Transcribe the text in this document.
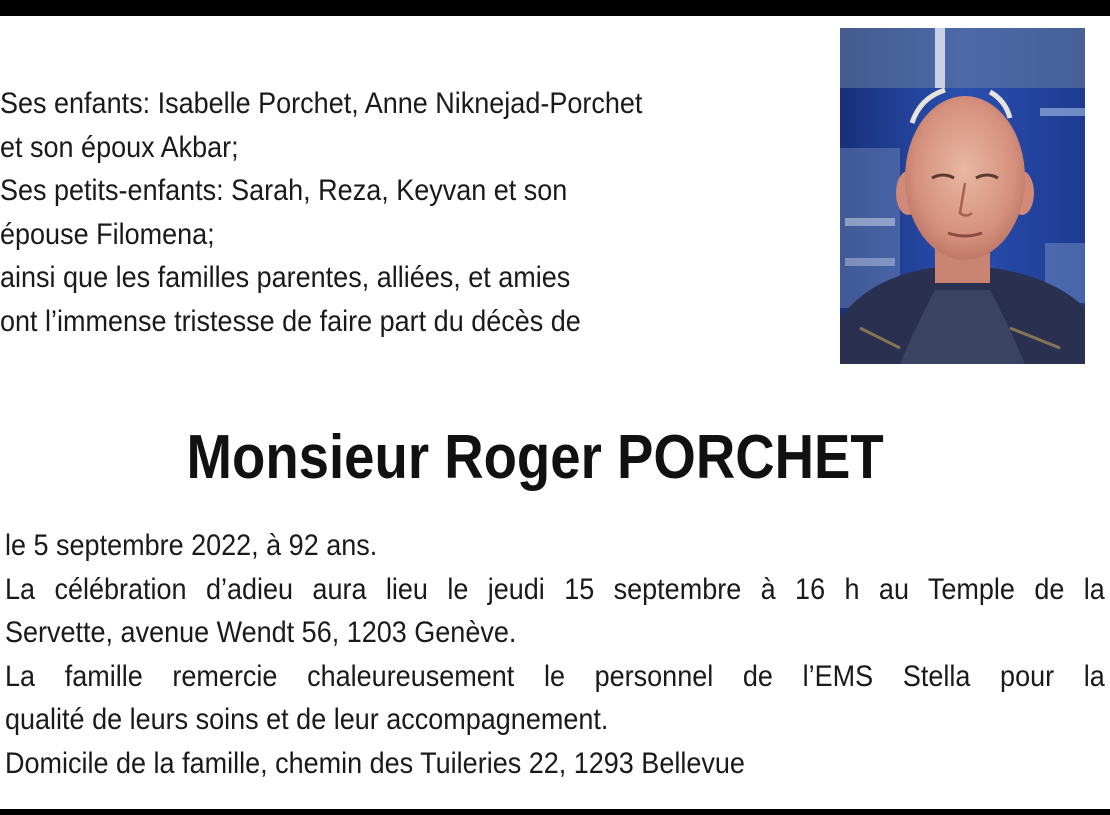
Ses enfants: Isabelle Porchet, Anne Niknejad-Porchet
et son époux Akbar;
Ses petits-enfants: Sarah, Reza, Keyvan et son
épouse Filomena;
ainsi que les familles parentes, alliées, et amies
ont l’immense tristesse de faire part du décès de
Monsieur Roger PORCHET
le 5 septembre 2022, à 92 ans.
La célébration d’adieu aura lieu le jeudi 15 septembre à 16 h au Temple de la
Servette, avenue Wendt 56, 1203 Genève.
La famille remercie chaleureusement le personnel de l’EMS Stella pour la
qualité de leurs soins et de leur accompagnement.
Domicile de la famille, chemin des Tuileries 22, 1293 Bellevue
